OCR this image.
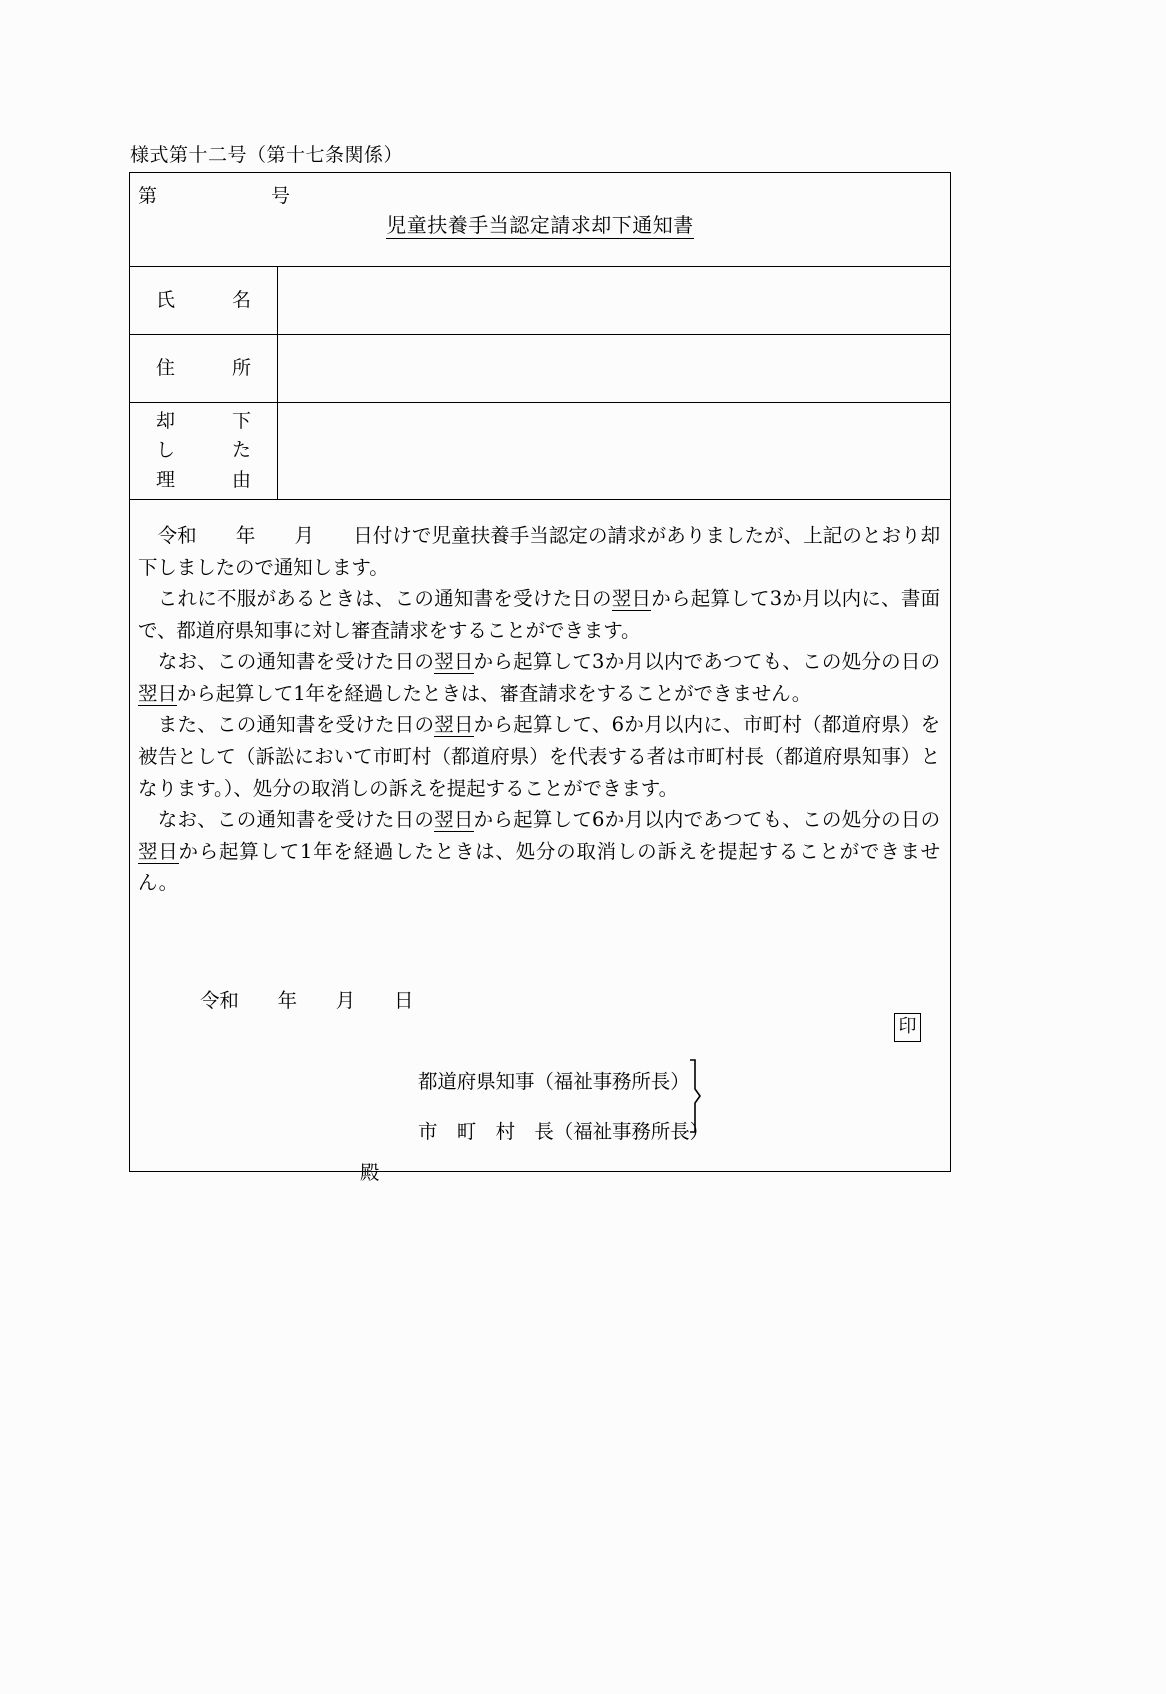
様式第十二号（第十七条関係）
第　　　　　　号
児童扶養手当認定請求却下通知書
氏　　　名
住　　　所
却　　　下
し　　　た
理　　　由

　令和　　年　　月　　日付けで児童扶養手当認定の請求がありましたが、上記のとおり却下しましたので通知します。

　これに不服があるときは、この通知書を受けた日の翌日から起算して3か月以内に、書面で、都道府県知事に対し審査請求をすることができます。

　なお、この通知書を受けた日の翌日から起算して3か月以内であつても、この処分の日の翌日から起算して1年を経過したときは、審査請求をすることができません。

　また、この通知書を受けた日の翌日から起算して、6か月以内に、市町村（都道府県）を被告として（訴訟において市町村（都道府県）を代表する者は市町村長（都道府県知事）となります。）、処分の取消しの訴えを提起することができます。

　なお、この通知書を受けた日の翌日から起算して6か月以内であつても、この処分の日の翌日から起算して1年を経過したときは、処分の取消しの訴えを提起することができません。

令和　　年　　月　　日
都道府県知事（福祉事務所長）
市　町　村　長（福祉事務所長）
印
殿
